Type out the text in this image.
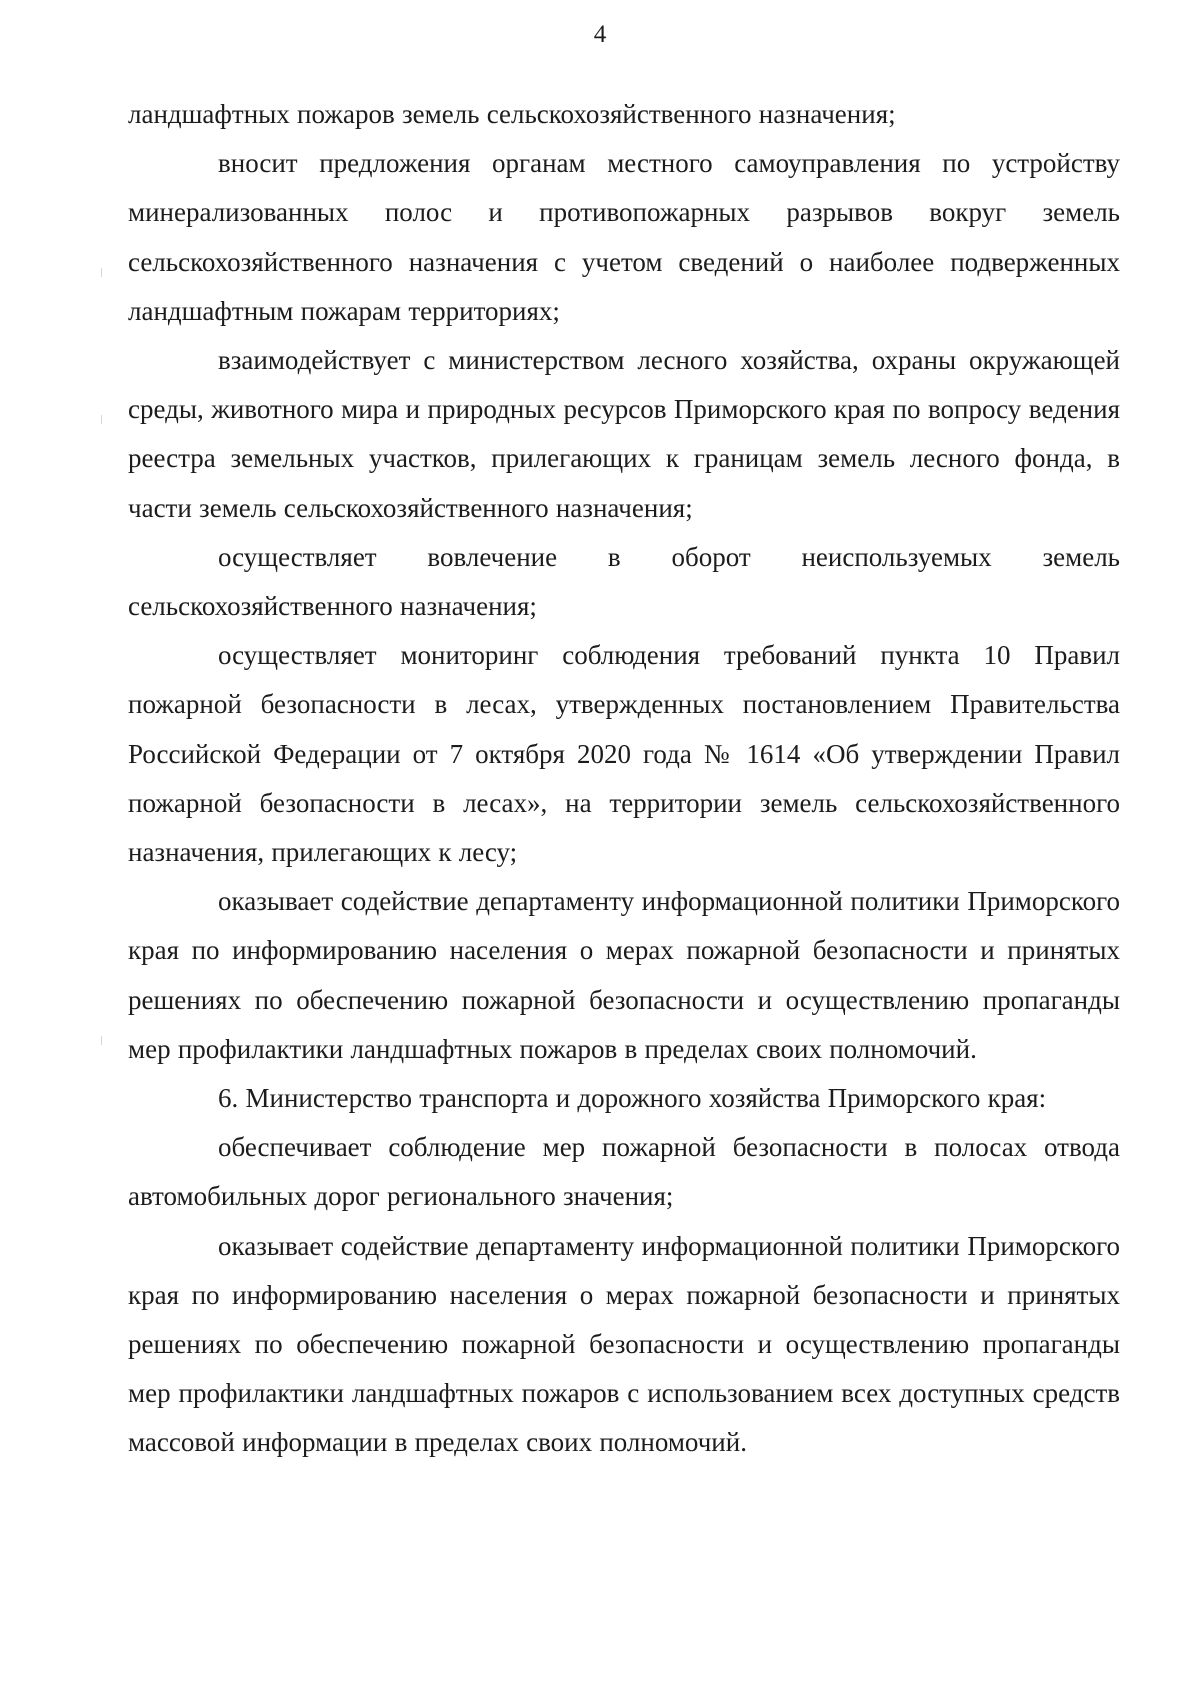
4

ландшафтных пожаров земель сельскохозяйственного назначения;

вносит предложения органам местного самоуправления по устройству минерализованных полос и противопожарных разрывов вокруг земель сельскохозяйственного назначения с учетом сведений о наиболее подверженных ландшафтным пожарам территориях;

взаимодействует с министерством лесного хозяйства, охраны окружающей среды, животного мира и природных ресурсов Приморского края по вопросу ведения реестра земельных участков, прилегающих к границам земель лесного фонда, в части земель сельскохозяйственного назначения;

осуществляет вовлечение в оборот неиспользуемых земель сельскохозяйственного назначения;

осуществляет мониторинг соблюдения требований пункта 10 Правил пожарной безопасности в лесах, утвержденных постановлением Правительства Российской Федерации от 7 октября 2020 года № 1614 «Об утверждении Правил пожарной безопасности в лесах», на территории земель сельскохозяйственного назначения, прилегающих к лесу;

оказывает содействие департаменту информационной политики Приморского края по информированию населения о мерах пожарной безопасности и принятых решениях по обеспечению пожарной безопасности и осуществлению пропаганды мер профилактики ландшафтных пожаров в пределах своих полномочий.

6. Министерство транспорта и дорожного хозяйства Приморского края:

обеспечивает соблюдение мер пожарной безопасности в полосах отвода автомобильных дорог регионального значения;

оказывает содействие департаменту информационной политики Приморского края по информированию населения о мерах пожарной безопасности и принятых решениях по обеспечению пожарной безопасности и осуществлению пропаганды мер профилактики ландшафтных пожаров с использованием всех доступных средств массовой информации в пределах своих полномочий.
